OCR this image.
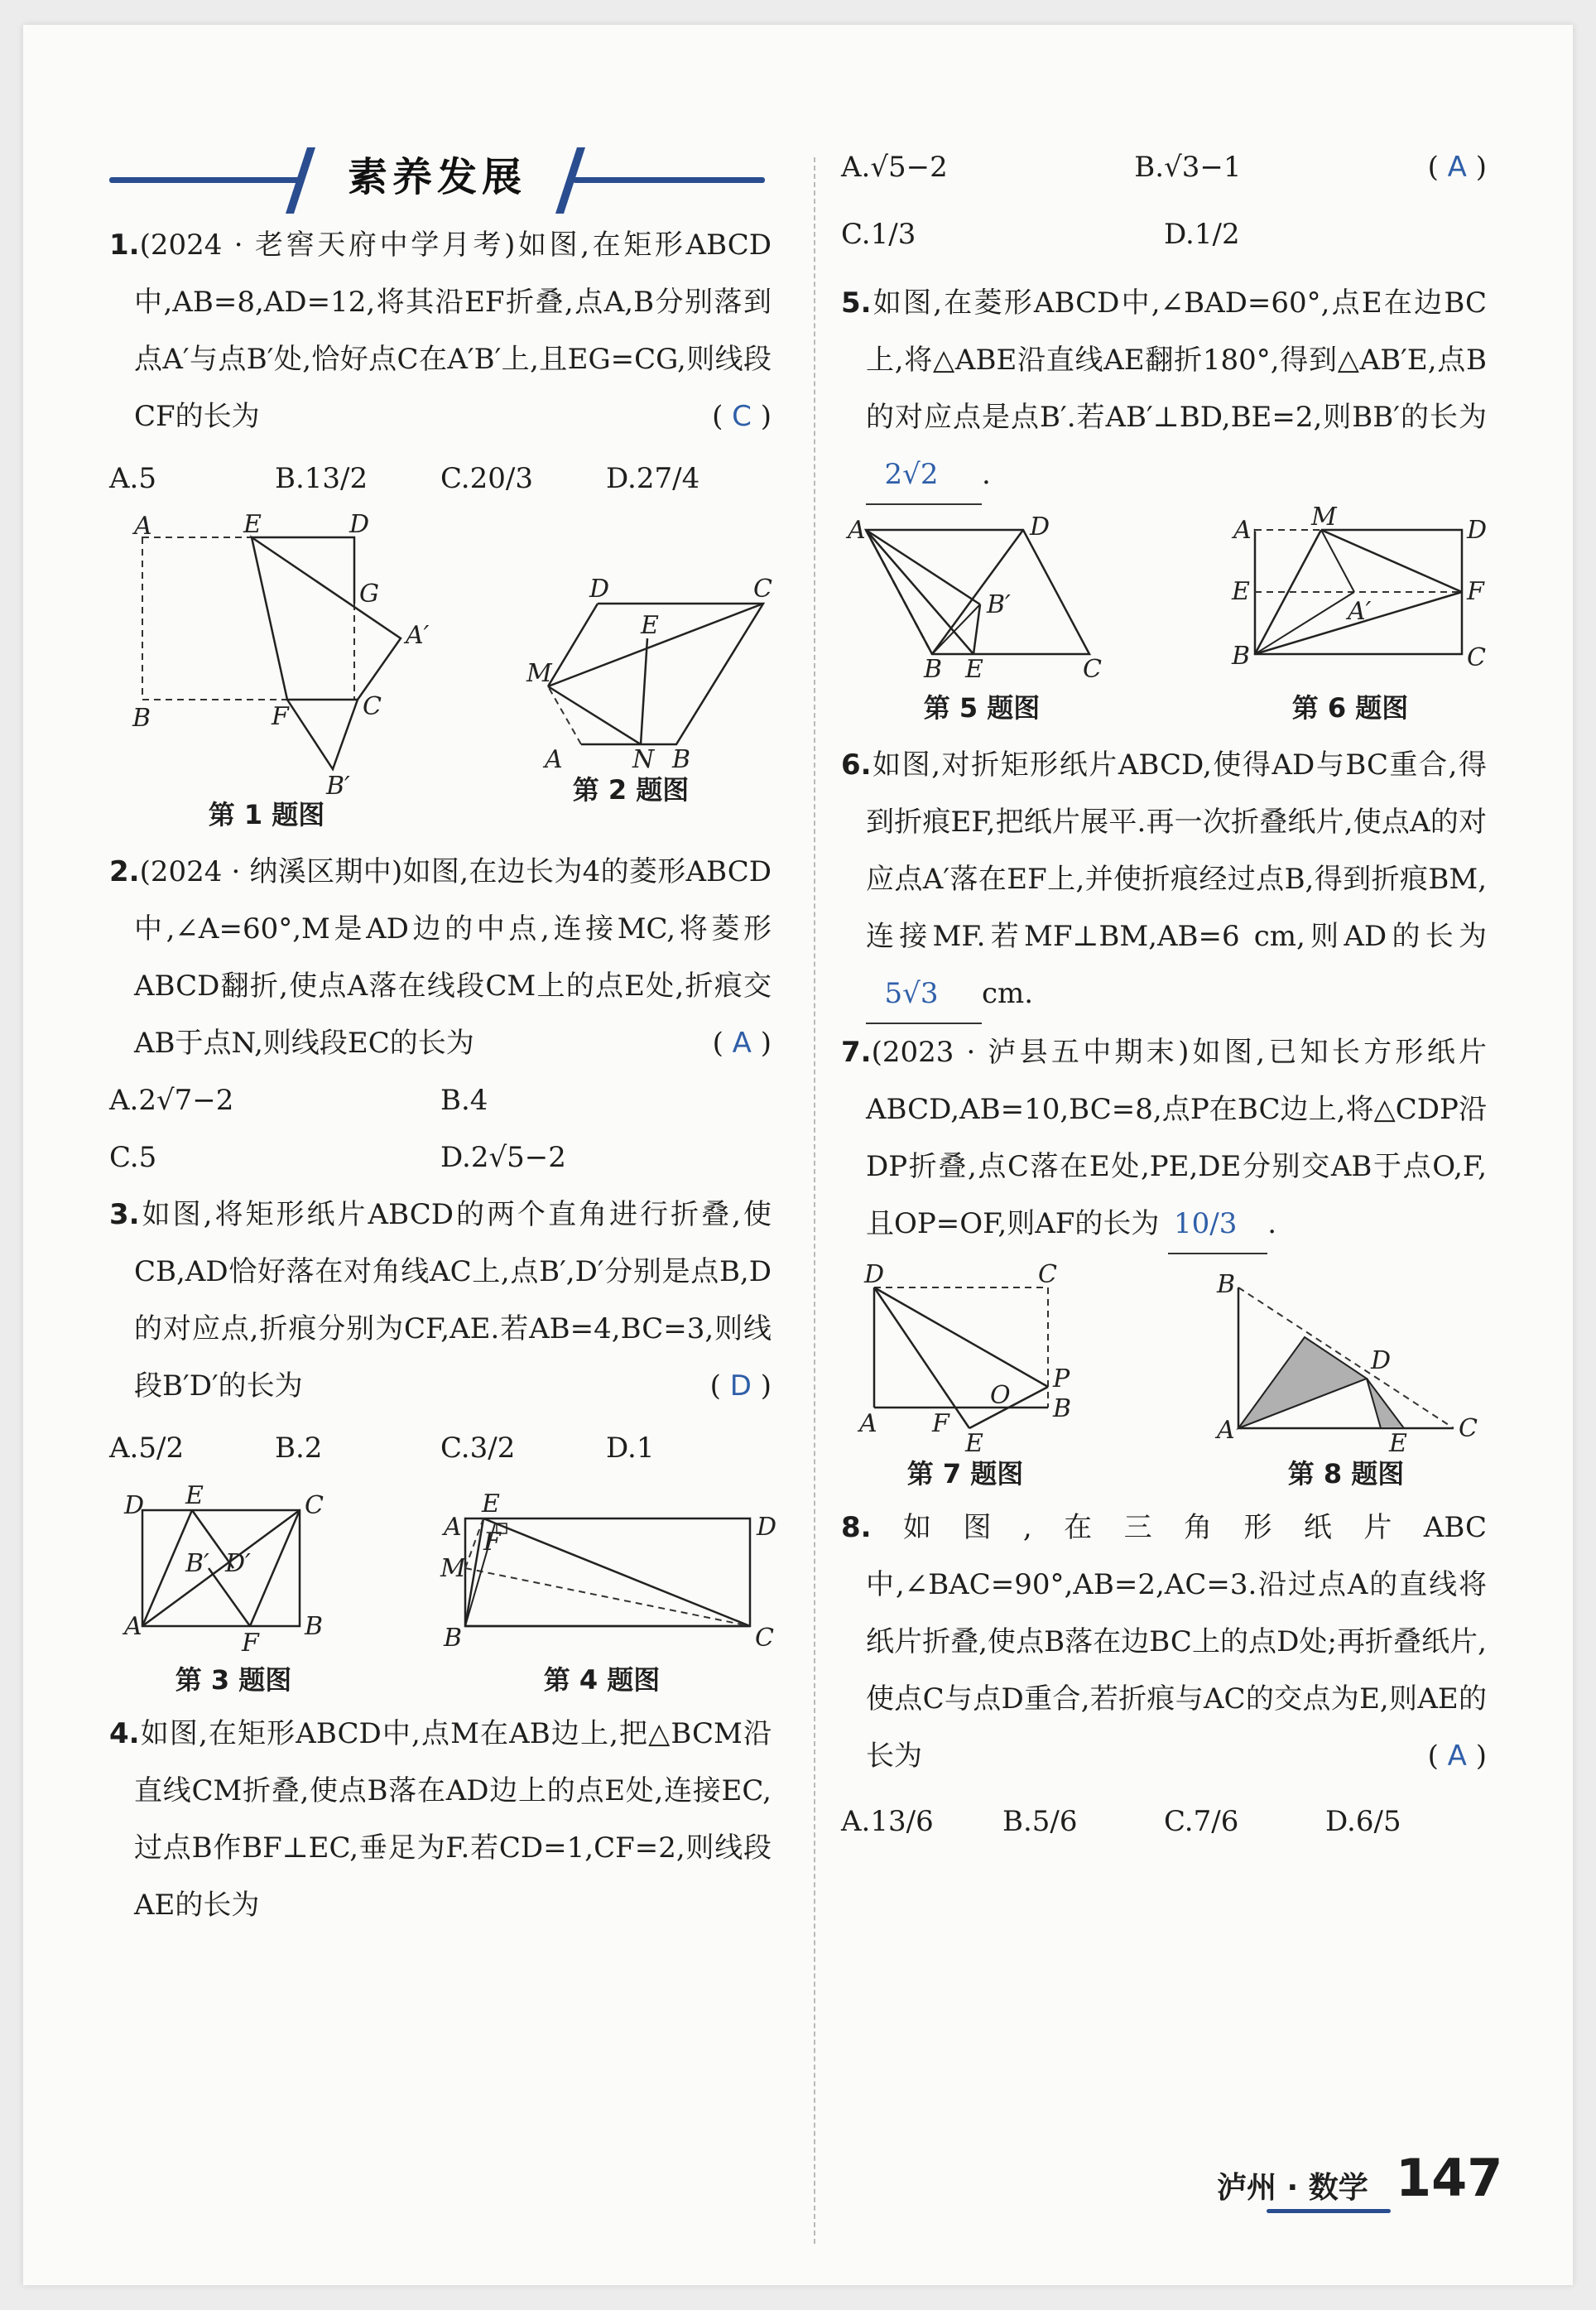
素养发展

1.(2024 · 老窖天府中学月考)如图,在矩形ABCD中,AB=8,AD=12,将其沿EF折叠,点A,B分别落到点A′与点B′处,恰好点C在A′B′上,且EG=CG,则线段CF的长为	( C )

A.5	B.13/2	C.20/3	D.27/4
A	E	D
G
A′
B	F	C
B′
第 1 题图
D	C
E
M
A	N B
第 2 题图

2.(2024 · 纳溪区期中)如图,在边长为4的菱形ABCD中,∠A=60°,M是AD边的中点,连接MC,将菱形ABCD翻折,使点A落在线段CM上的点E处,折痕交AB于点N,则线段EC的长为	( A )

A.2√7−2	B.4
C.5	D.2√5−2

3.如图,将矩形纸片ABCD的两个直角进行折叠,使CB,AD恰好落在对角线AC上,点B′,D′分别是点B,D的对应点,折痕分别为CF,AE.若AB=4,BC=3,则线段B′D′的长为	( D )

A.5/2	B.2	C.3/2	D.1
D E	C
B′ D′
A
F
B
第 3 题图
E
A
F
D
M
B	C
第 4 题图

4.如图,在矩形ABCD中,点M在AB边上,把△BCM沿直线CM折叠,使点B落在AD边上的点E处,连接EC,过点B作BF⊥EC,垂足为F.若CD=1,CF=2,则线段AE的长为

( A )

A.√5−2	B.√3−1
C.1/3	D.1/2

5.如图,在菱形ABCD中,∠BAD=60°,点E在边BC上,将△ABE沿直线AE翻折180°,得到△AB′E,点B的对应点是点B′.若AB′⊥BD,BE=2,则BB′的长为 2√2 .

A	D
B′
B E	C
第 5 题图
A M	D
E	F
A′
B	C
第 6 题图

6.如图,对折矩形纸片ABCD,使得AD与BC重合,得到折痕EF,把纸片展平.再一次折叠纸片,使点A的对应点A′落在EF上,并使折痕经过点B,得到折痕BM,连接MF.若MF⊥BM,AB=6 cm,则AD的长为 5√3 cm.

7.(2023 · 泸县五中期末)如图,已知长方形纸片ABCD,AB=10,BC=8,点P在BC边上,将△CDP沿DP折叠,点C落在E处,PE,DE分别交AB于点O,F,且OP=OF,则AF的长为 10/3 .

D	C
P
O B
A F
E
第 7 题图
B
D
A	E
C
第 8 题图

8.如图,在三角形纸片ABC中,∠BAC=90°,AB=2,AC=3.沿过点A的直线将纸片折叠,使点B落在边BC上的点D处;再折叠纸片,使点C与点D重合,若折痕与AC的交点为E,则AE的长为	( A )

A.13/6	B.5/6	C.7/6	D.6/5
泸州 · 数学 147
